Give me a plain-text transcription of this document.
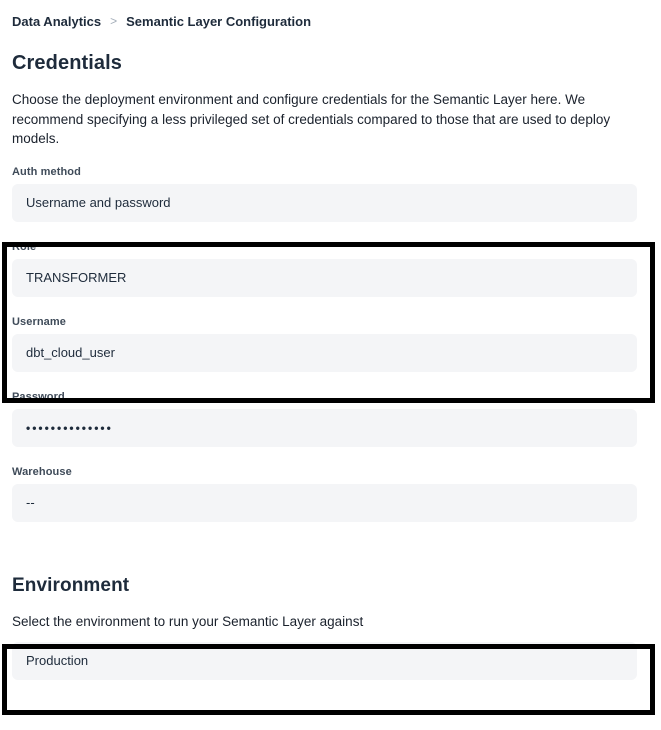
Data Analytics > Semantic Layer Configuration
Credentials

Choose the deployment environment and configure credentials for the Semantic Layer here. We recommend specifying a less privileged set of credentials compared to those that are used to deploy models.

Auth method
Username and password
Role
TRANSFORMER
Username
dbt_cloud_user
Password
••••••••••••••
Warehouse
--
Environment

Select the environment to run your Semantic Layer against

Production
